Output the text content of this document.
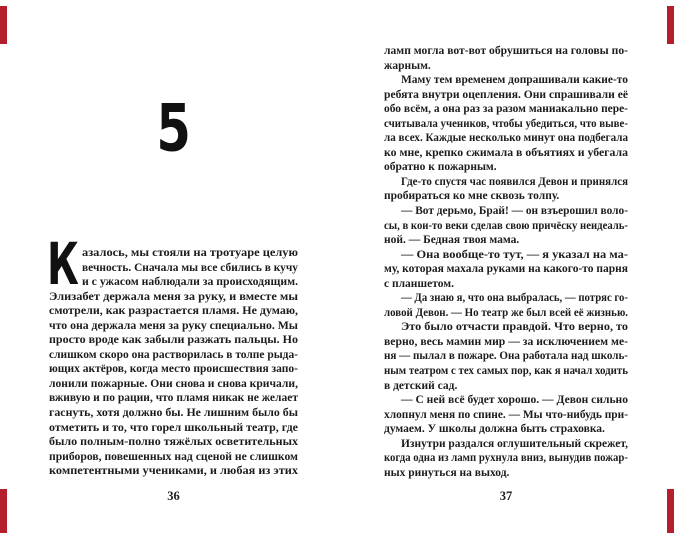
5
К азалось, мы стояли на тротуаре целую
вечность. Сначала мы все сбились в кучу
и с ужасом наблюдали за происходящим.
Элизабет держала меня за руку, и вместе мы
смотрели, как разрастается пламя. Не думаю,
что она держала меня за руку специально. Мы
просто вроде как забыли разжать пальцы. Но
слишком скоро она растворилась в толпе рыда-
ющих актёров, когда место происшествия запо-
лонили пожарные. Они снова и снова кричали,
вживую и по рации, что пламя никак не желает
гаснуть, хотя должно бы. Не лишним было бы
отметить и то, что горел школьный театр, где
было полным-полно тяжёлых осветительных
приборов, повешенных над сценой не слишком
компетентными учениками, и любая из этих
36
ламп могла вот-вот обрушиться на головы по-
жарным.
Маму тем временем допрашивали какие-то
ребята внутри оцепления. Они спрашивали её
обо всём, а она раз за разом маниакально пере-
считывала учеников, чтобы убедиться, что выве-
ла всех. Каждые несколько минут она подбегала
ко мне, крепко сжимала в объятиях и убегала
обратно к пожарным.
Где-то спустя час появился Девон и принялся
пробираться ко мне сквозь толпу.
— Вот дерьмо, Брай! — он взъерошил воло-
сы, в кои-то веки сделав свою причёску неидеаль-
ной. — Бедная твоя мама.
— Она вообще-то тут, — я указал на ма-
му, которая махала руками на какого-то парня
с планшетом.
— Да знаю я, что она выбралась, — потряс го-
ловой Девон. — Но театр же был всей её жизнью.
Это было отчасти правдой. Что верно, то
верно, весь мамин мир — за исключением ме-
ня — пылал в пожаре. Она работала над школь-
ным театром с тех самых пор, как я начал ходить
в детский сад.
— С ней всё будет хорошо. — Девон сильно
хлопнул меня по спине. — Мы что-нибудь при-
думаем. У школы должна быть страховка.
Изнутри раздался оглушительный скрежет,
когда одна из ламп рухнула вниз, вынудив пожар-
ных ринуться на выход.
37
